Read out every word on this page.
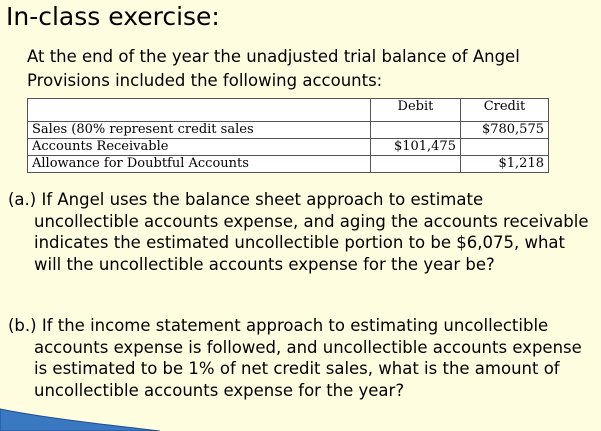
In-class exercise:
At the end of the year the unadjusted trial balance of Angel Provisions included the following accounts:
	Debit	Credit
Sales (80% represent credit sales		$780,575
Accounts Receivable	$101,475	
Allowance for Doubtful Accounts		$1,218
(a.) If Angel uses the balance sheet approach to estimate uncollectible accounts expense, and aging the accounts receivable indicates the estimated uncollectible portion to be $6,075, what will the uncollectible accounts expense for the year be?
(b.) If the income statement approach to estimating uncollectible accounts expense is followed, and uncollectible accounts expense is estimated to be 1% of net credit sales, what is the amount of uncollectible accounts expense for the year?
